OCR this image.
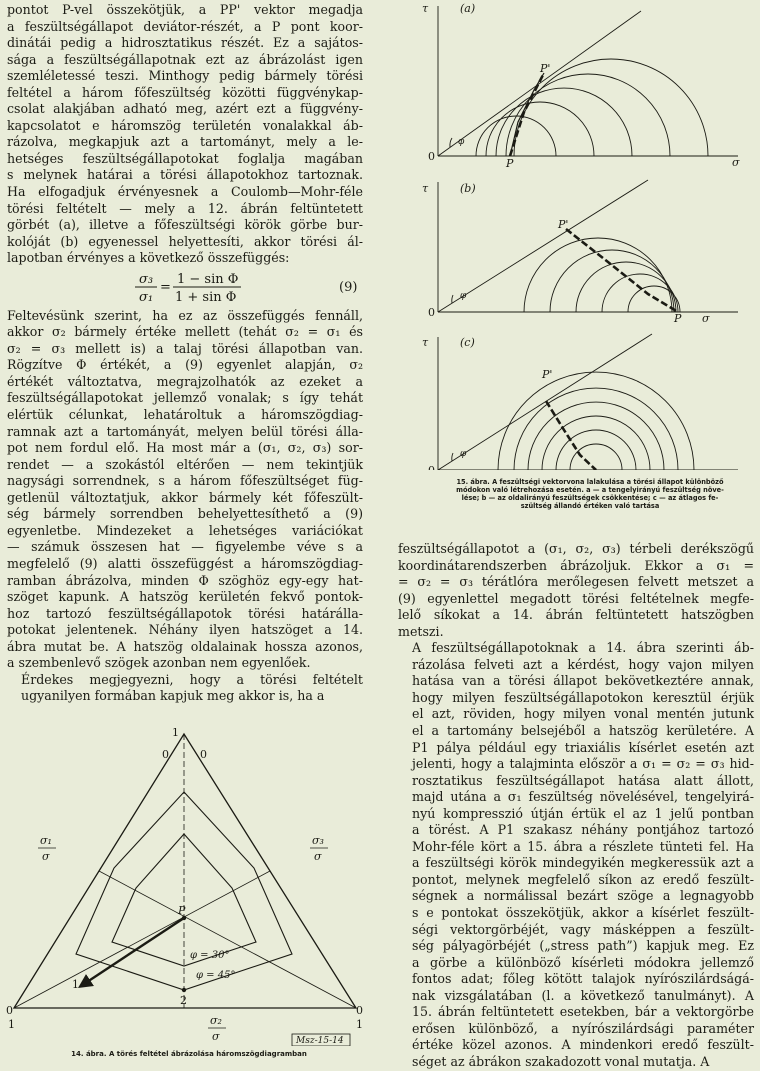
pontot P-vel összekötjük, a PP' vektor megadja
a feszültségállapot deviátor-részét, a P pont koor-
dinátái pedig a hidrosztatikus részét. Ez a sajátos-
sága a feszültségállapotnak ezt az ábrázolást igen
szemléletessé teszi. Minthogy pedig bármely törési
feltétel a három főfeszültség közötti függvénykap-
csolat alakjában adható meg, azért ezt a függvény-
kapcsolatot e háromszög területén vonalakkal áb-
rázolva, megkapjuk azt a tartományt, mely a le-
hetséges feszültségállapotokat foglalja magában
s melynek határai a törési állapotokhoz tartoznak.
Ha elfogadjuk érvényesnek a Coulomb—Mohr-féle
törési feltételt — mely a 12. ábrán feltüntetett
görbét (a), illetve a főfeszültségi körök görbe bur-
kolóját (b) egyenessel helyettesíti, akkor törési ál-
lapotban érvényes a következő összefüggés:
σ₃
σ₁
=
1 − sin Φ
1 + sin Φ
(9)
Feltevésünk szerint, ha ez az összefüggés fennáll,
akkor σ₂ bármely értéke mellett (tehát σ₂ = σ₁ és
σ₂ = σ₃ mellett is) a talaj törési állapotban van.
Rögzítve Φ értékét, a (9) egyenlet alapján, σ₂
értékét változtatva, megrajzolhatók az ezeket a
feszültségállapotokat jellemző vonalak; s így tehát
elértük célunkat, lehatároltuk a háromszögdiag-
ramnak azt a tartományát, melyen belül törési álla-
pot nem fordul elő. Ha most már a (σ₁, σ₂, σ₃) sor-
rendet — a szokástól eltérően — nem tekintjük
nagysági sorrendnek, s a három főfeszültséget füg-
getlenül változtatjuk, akkor bármely két főfeszült-
ség bármely sorrendben behelyettesíthető a (9)
egyenletbe. Mindezeket a lehetséges variációkat
— számuk összesen hat — figyelembe véve s a
megfelelő (9) alatti összefüggést a háromszögdiag-
ramban ábrázolva, minden Φ szöghöz egy-egy hat-
szöget kapunk. A hatszög kerületén fekvő pontok-
hoz tartozó feszültségállapotok törési határálla-
potokat jelentenek. Néhány ilyen hatszöget a 14.
ábra mutat be. A hatszög oldalainak hossza azonos,
a szembenlevő szögek azonban nem egyenlőek.
Érdekes megjegyezni, hogy a törési feltételt
ugyanilyen formában kapjuk meg akkor is, ha a
τ	(a)
0
P
P'
φ
σ
τ	(b)
0	P
P'
φ
σ
τ	(c)
P'
φ
15. ábra. A feszültségi vektorvona lalakulása a törési állapot különböző
módokon való létrehozása esetén. a — a tengelyirányú feszültség növe-
lése; b — az oldalirányú feszültségek csökkentése; c — az átlagos fe-
szültség állandó értéken való tartása
1
0	0
0
1
0
1
σ₁
σ
σ₃
σ
σ₂
σ
P
1
2
φ = 30°
φ = 45°
Msz-15-14
14. ábra. A törés feltétel ábrázolása háromszögdiagramban
feszültségállapotot a (σ₁, σ₂, σ₃) térbeli derékszögű
koordinátarendszerben ábrázoljuk. Ekkor a σ₁ =
= σ₂ = σ₃ térátlóra merőlegesen felvett metszet a
(9) egyenlettel megadott törési feltételnek megfe-
lelő síkokat a 14. ábrán feltüntetett hatszögben
metszi.
A feszültségállapotoknak a 14. ábra szerinti áb-
rázolása felveti azt a kérdést, hogy vajon milyen
hatása van a törési állapot bekövetkeztére annak,
hogy milyen feszültségállapotokon keresztül érjük
el azt, röviden, hogy milyen vonal mentén jutunk
el a tartomány belsejéből a hatszög kerületére. A
P1 pálya például egy triaxiális kísérlet esetén azt
jelenti, hogy a talajminta először a σ₁ = σ₂ = σ₃ hid-
rosztatikus feszültségállapot hatása alatt állott,
majd utána a σ₁ feszültség növelésével, tengelyirá-
nyú kompresszió útján értük el az 1 jelű pontban
a törést. A P1 szakasz néhány pontjához tartozó
Mohr-féle kört a 15. ábra a részlete tünteti fel. Ha
a feszültségi körök mindegyikén megkeressük azt a
pontot, melynek megfelelő síkon az eredő feszült-
ségnek a normálissal bezárt szöge a legnagyobb
s e pontokat összekötjük, akkor a kísérlet feszült-
ségi vektorgörbéjét, vagy másképpen a feszült-
ség pályagörbéjét („stress path”) kapjuk meg. Ez
a görbe a különböző kísérleti módokra jellemző
fontos adat; főleg kötött talajok nyírószilárdságá-
nak vizsgálatában (l. a következő tanulmányt). A
15. ábrán feltüntetett esetekben, bár a vektorgörbe
erősen különböző, a nyírószilárdsági paraméter
értéke közel azonos. A mindenkori eredő feszült-
séget az ábrákon szakadozott vonal mutatja. A
